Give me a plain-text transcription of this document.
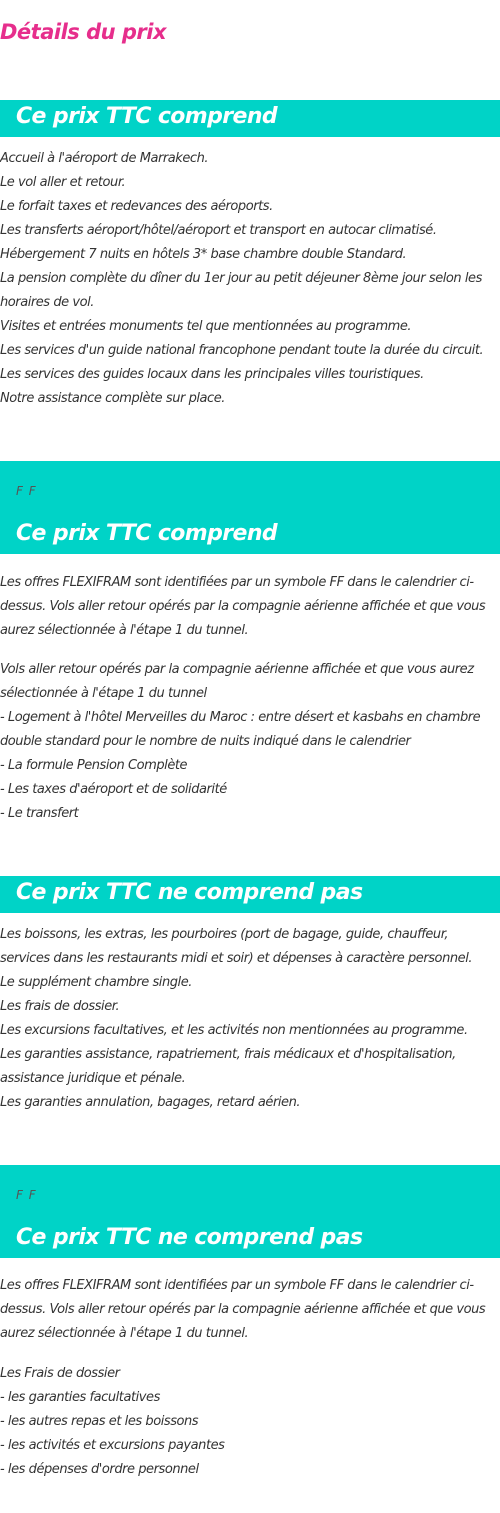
Détails du prix
Ce prix TTC comprend
Accueil à l'aéroport de Marrakech.
Le vol aller et retour.
Le forfait taxes et redevances des aéroports.
Les transferts aéroport/hôtel/aéroport et transport en autocar climatisé.
Hébergement 7 nuits en hôtels 3* base chambre double Standard.
La pension complète du dîner du 1er jour au petit déjeuner 8ème jour selon les
horaires de vol.
Visites et entrées monuments tel que mentionnées au programme.
Les services d'un guide national francophone pendant toute la durée du circuit.
Les services des guides locaux dans les principales villes touristiques.
Notre assistance complète sur place.
F F
Ce prix TTC comprend
Les offres FLEXIFRAM sont identifiées par un symbole FF dans le calendrier ci-
dessus. Vols aller retour opérés par la compagnie aérienne affichée et que vous
aurez sélectionnée à l'étape 1 du tunnel.
Vols aller retour opérés par la compagnie aérienne affichée et que vous aurez
sélectionnée à l'étape 1 du tunnel
- Logement à l'hôtel Merveilles du Maroc : entre désert et kasbahs en chambre
double standard pour le nombre de nuits indiqué dans le calendrier
- La formule Pension Complète
- Les taxes d'aéroport et de solidarité
- Le transfert
Ce prix TTC ne comprend pas
Les boissons, les extras, les pourboires (port de bagage, guide, chauffeur,
services dans les restaurants midi et soir) et dépenses à caractère personnel.
Le supplément chambre single.
Les frais de dossier.
Les excursions facultatives, et les activités non mentionnées au programme.
Les garanties assistance, rapatriement, frais médicaux et d'hospitalisation,
assistance juridique et pénale.
Les garanties annulation, bagages, retard aérien.
F F
Ce prix TTC ne comprend pas
Les offres FLEXIFRAM sont identifiées par un symbole FF dans le calendrier ci-
dessus. Vols aller retour opérés par la compagnie aérienne affichée et que vous
aurez sélectionnée à l'étape 1 du tunnel.
Les Frais de dossier
- les garanties facultatives
- les autres repas et les boissons
- les activités et excursions payantes
- les dépenses d'ordre personnel
